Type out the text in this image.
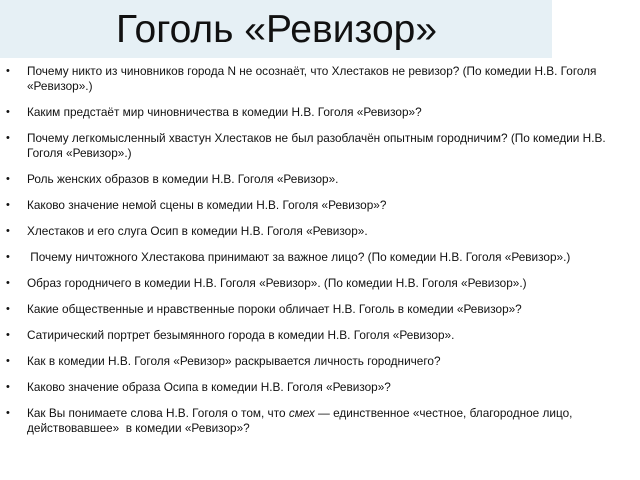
Гоголь «Ревизор»
• Почему никто из чиновников города N не осознаёт, что Хлестаков не ревизор? (По комедии Н.В. Гоголя «Ревизор».)
• Каким предстаёт мир чиновничества в комедии Н.В. Гоголя «Ревизор»?
• Почему легкомысленный хвастун Хлестаков не был разоблачён опытным городничим? (По комедии Н.В. Гоголя «Ревизор».)
• Роль женских образов в комедии Н.В. Гоголя «Ревизор».
• Каково значение немой сцены в комедии Н.В. Гоголя «Ревизор»?
• Хлестаков и его слуга Осип в комедии Н.В. Гоголя «Ревизор».
• Почему ничтожного Хлестакова принимают за важное лицо? (По комедии Н.В. Гоголя «Ревизор».)
• Образ городничего в комедии Н.В. Гоголя «Ревизор». (По комедии Н.В. Гоголя «Ревизор».)
• Какие общественные и нравственные пороки обличает Н.В. Гоголь в комедии «Ревизор»?
• Сатирический портрет безымянного города в комедии Н.В. Гоголя «Ревизор».
• Как в комедии Н.В. Гоголя «Ревизор» раскрывается личность городничего?
• Каково значение образа Осипа в комедии Н.В. Гоголя «Ревизор»?
• Как Вы понимаете слова Н.В. Гоголя о том, что смех — единственное «честное, благородное лицо, действовавшее»  в комедии «Ревизор»?
